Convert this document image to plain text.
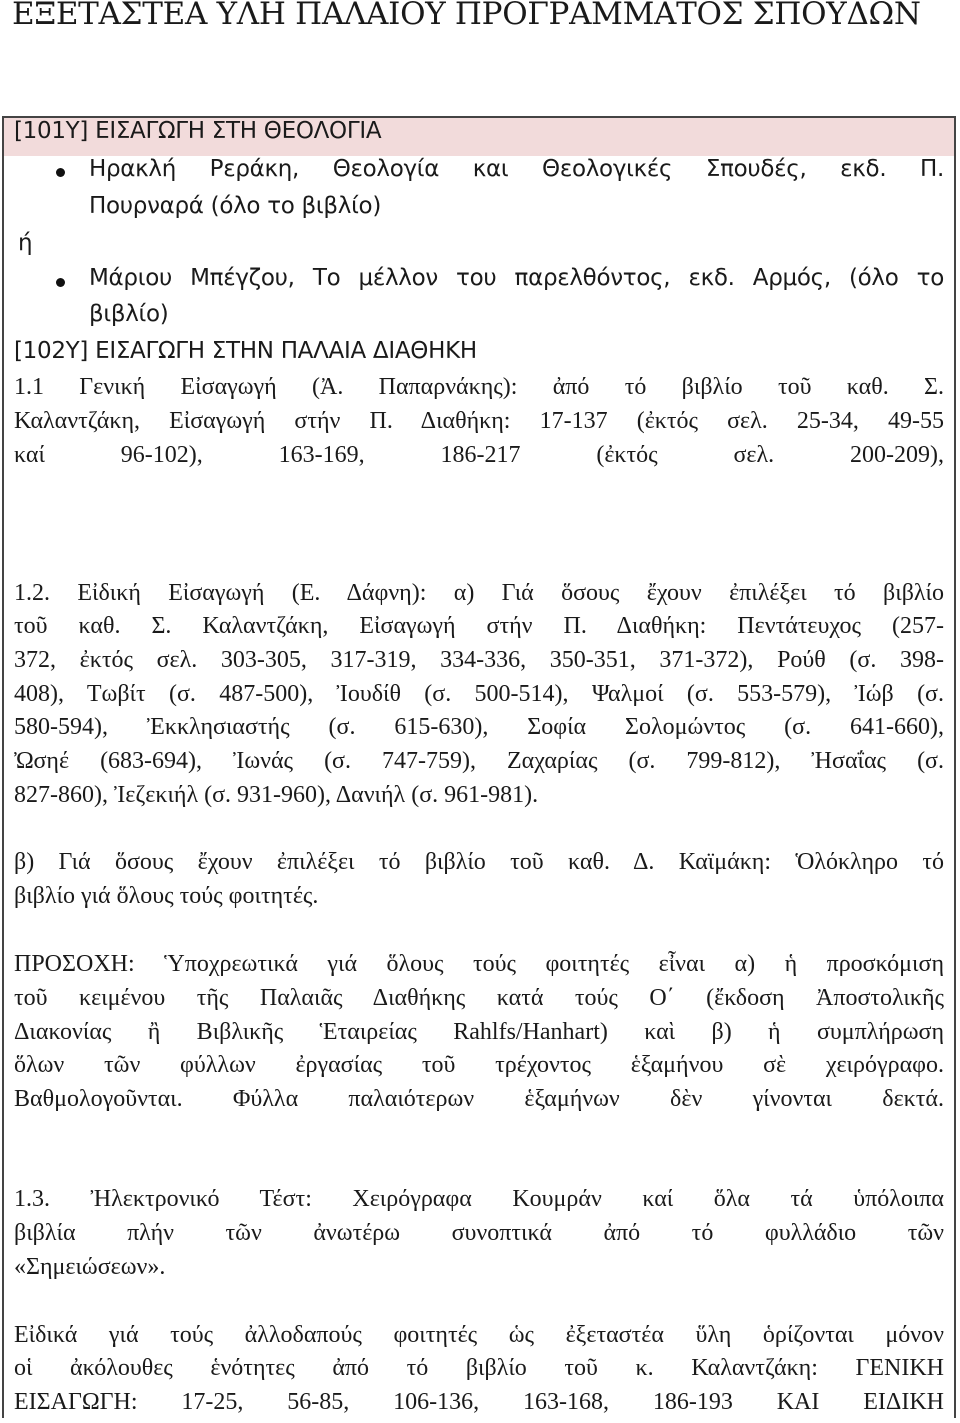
ΕΞΕΤΑΣΤΕΑ ΥΛΗ ΠΑΛΑΙΟΥ ΠΡΟΓΡΑΜΜΑΤΟΣ ΣΠΟΥΔΩΝ
[101Y] ΕΙΣΑΓΩΓΗ ΣΤΗ ΘΕΟΛΟΓΙΑ
Ηρακλή Ρεράκη, Θεολογία και Θεολογικές Σπουδές, εκδ. Π.
Πουρναρά (όλο το βιβλίο)
ή
Μάριου Μπέγζου, Το μέλλον του παρελθόντος, εκδ. Αρμός, (όλο το
βιβλίο)
[102Y] ΕΙΣΑΓΩΓΗ ΣΤΗΝ ΠΑΛΑΙΑ ΔΙΑΘΗΚΗ
1.1 Γενική Εἰσαγωγή (Ἀ. Παπαρνάκης): ἀπό τό βιβλίο τοῦ καθ. Σ.
Καλαντζάκη, Εἰσαγωγή στήν Π. Διαθήκη: 17-137 (ἐκτός σελ. 25-34, 49-55
καί 96-102), 163-169, 186-217 (ἐκτός σελ. 200-209),
1.2. Εἰδική Εἰσαγωγή (Ε. Δάφνη): α) Γιά ὅσους ἔχουν ἐπιλέξει τό βιβλίο
τοῦ καθ. Σ. Καλαντζάκη, Εἰσαγωγή στήν Π. Διαθήκη: Πεντάτευχος (257-
372, ἐκτός σελ. 303-305, 317-319, 334-336, 350-351, 371-372), Ρούθ (σ. 398-
408), Τωβίτ (σ. 487-500), Ἰουδίθ (σ. 500-514), Ψαλμοί (σ. 553-579), Ἰώβ (σ.
580-594), Ἐκκλησιαστής (σ. 615-630), Σοφία Σολομώντος (σ. 641-660),
Ὠσηέ (683-694), Ἰωνάς (σ. 747-759), Ζαχαρίας (σ. 799-812), Ἠσαΐας (σ.
827-860), Ἰεζεκιήλ (σ. 931-960), Δανιήλ (σ. 961-981).
β) Γιά ὅσους ἔχουν ἐπιλέξει τό βιβλίο τοῦ καθ. Δ. Καϊμάκη: Ὁλόκληρο τό
βιβλίο γιά ὅλους τούς φοιτητές.
ΠΡΟΣΟΧΗ: Ὑποχρεωτικά γιά ὅλους τούς φοιτητές εἶναι α) ἡ προσκόμιση
τοῦ κειμένου τῆς Παλαιᾶς Διαθήκης κατά τούς Ο΄ (ἔκδοση Ἀποστολικῆς
Διακονίας ἢ Βιβλικῆς Ἑταιρείας Rahlfs/Hanhart) καὶ β) ἡ συμπλήρωση
ὅλων τῶν φύλλων ἐργασίας τοῦ τρέχοντος ἑξαμήνου σὲ χειρόγραφο.
Βαθμολογοῦνται. Φύλλα παλαιότερων ἑξαμήνων δὲν γίνονται δεκτά.
1.3. Ἠλεκτρονικό Τέστ: Χειρόγραφα Κουμράν καί ὅλα τά ὑπόλοιπα
βιβλία πλήν τῶν ἀνωτέρω συνοπτικά ἀπό τό φυλλάδιο τῶν
«Σημειώσεων».
Εἰδικά γιά τούς ἀλλοδαπούς φοιτητές ὡς ἐξεταστέα ὕλη ὁρίζονται μόνον
οἱ ἀκόλουθες ἑνότητες ἀπό τό βιβλίο τοῦ κ. Καλαντζάκη: ΓΕΝΙΚΗ
ΕΙΣΑΓΩΓΗ: 17-25, 56-85, 106-136, 163-168, 186-193 ΚΑΙ ΕΙΔΙΚΗ
